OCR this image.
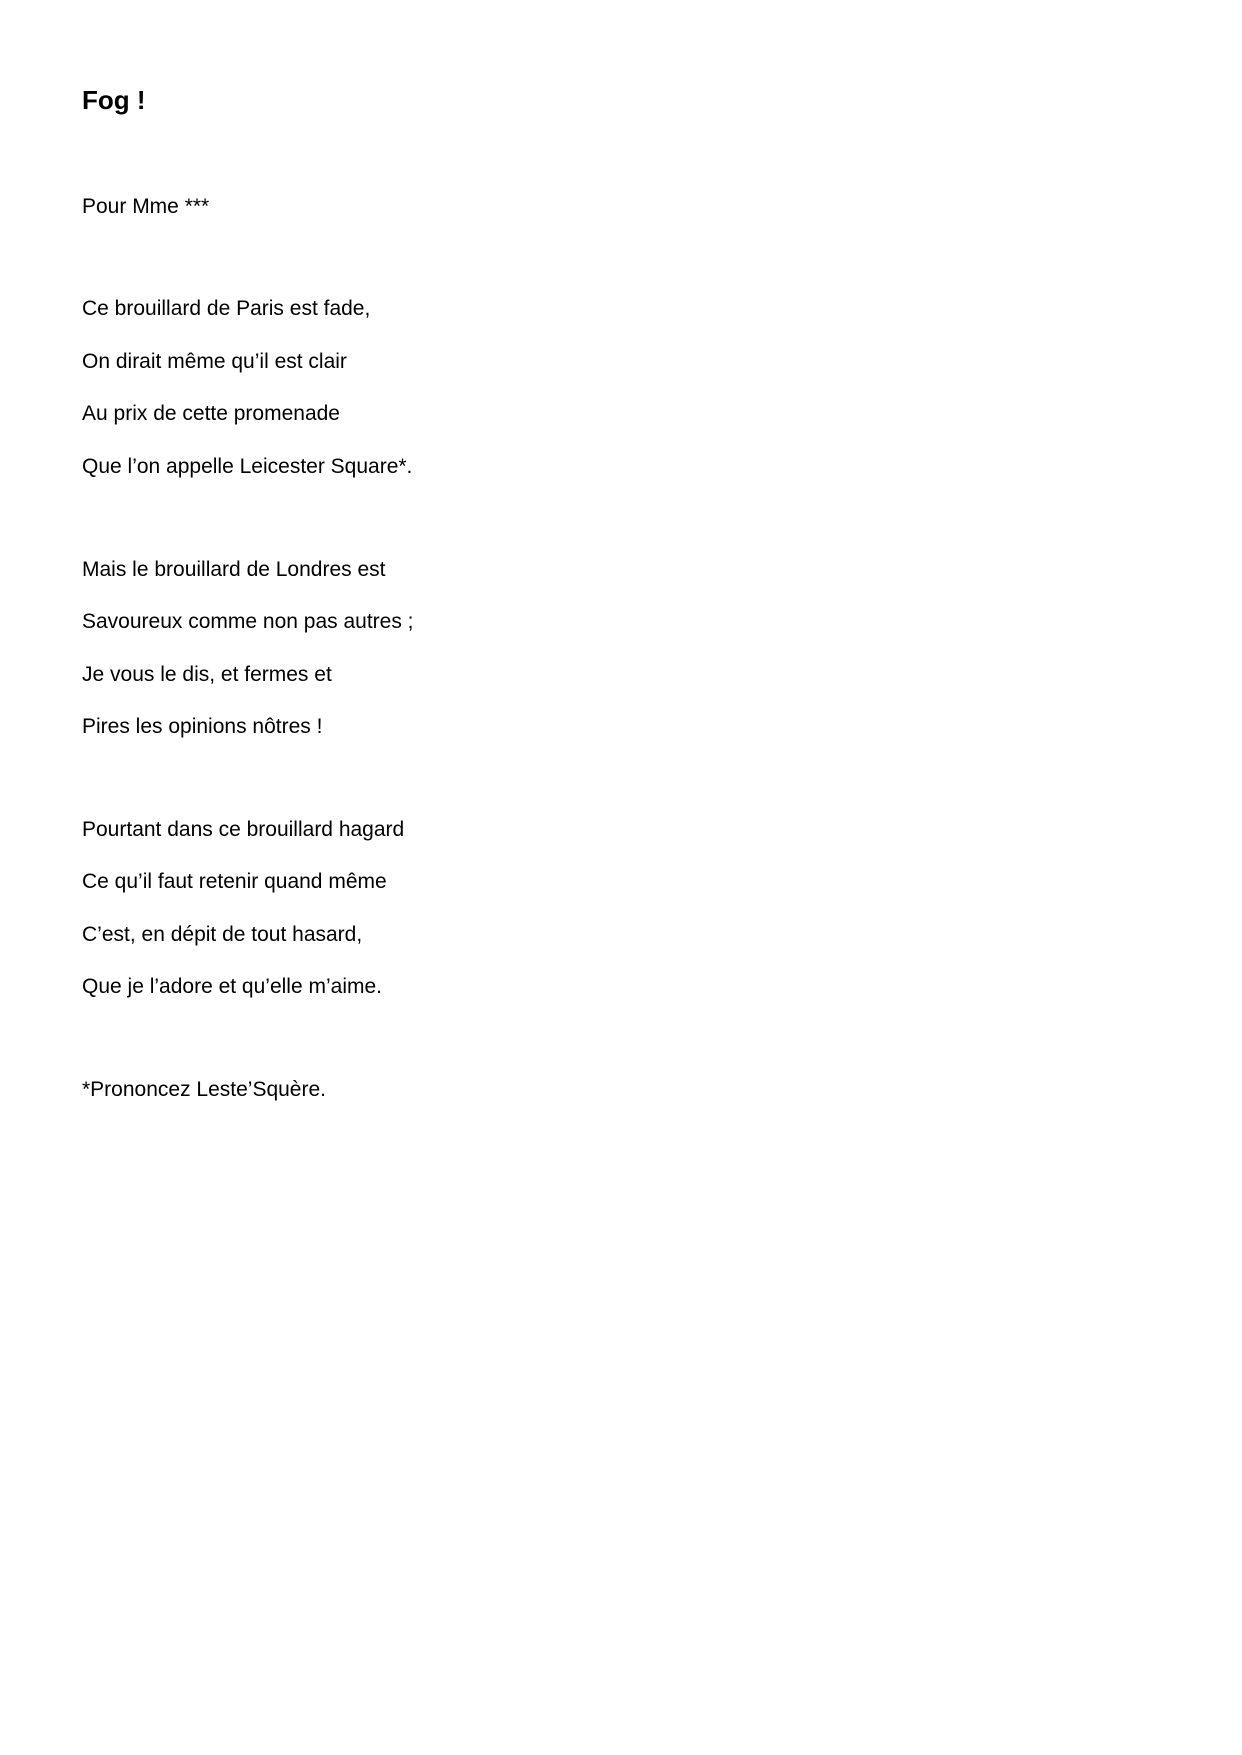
Fog !

Pour Mme ***

Ce brouillard de Paris est fade,

On dirait même qu’il est clair

Au prix de cette promenade

Que l’on appelle Leicester Square*.

Mais le brouillard de Londres est

Savoureux comme non pas autres ;

Je vous le dis, et fermes et

Pires les opinions nôtres !

Pourtant dans ce brouillard hagard

Ce qu’il faut retenir quand même

C’est, en dépit de tout hasard,

Que je l’adore et qu’elle m’aime.

*Prononcez Leste’Squère.
